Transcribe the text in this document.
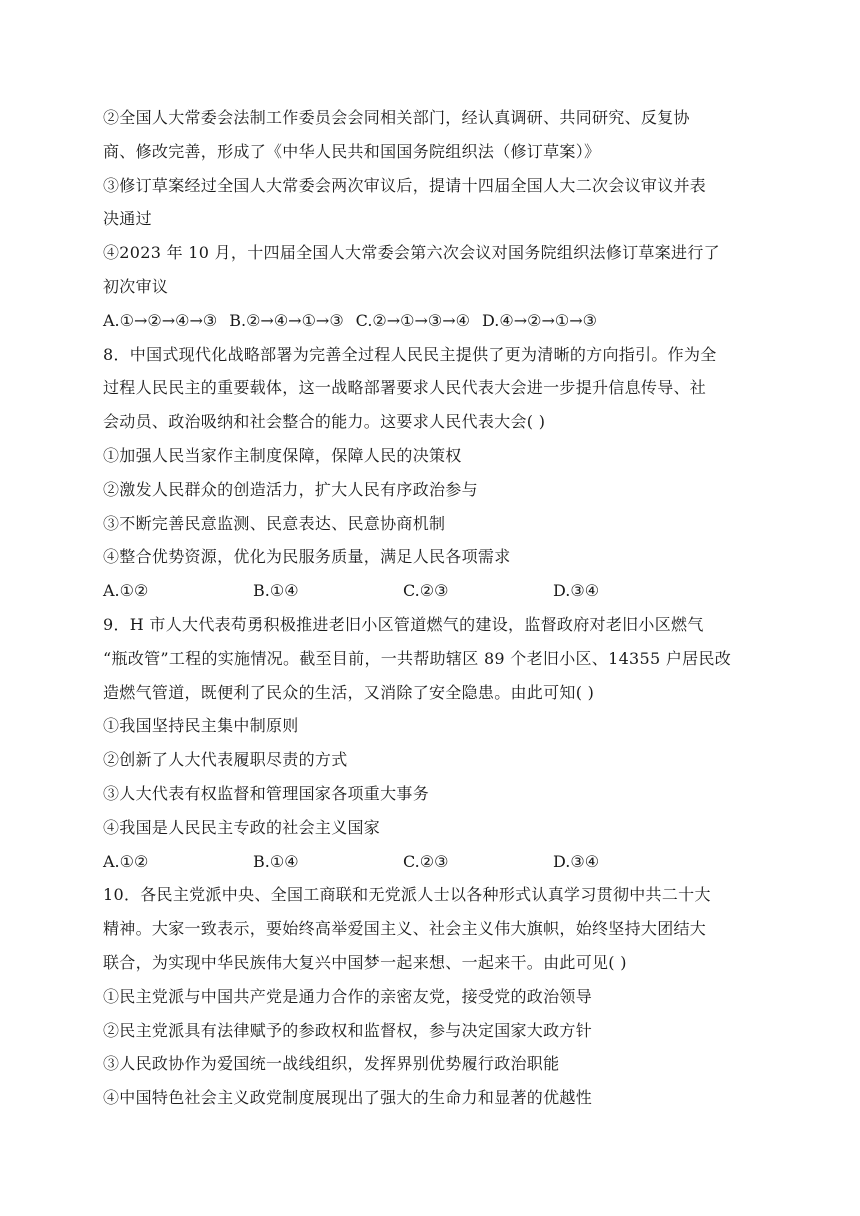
②全国人大常委会法制工作委员会会同相关部门，经认真调研、共同研究、反复协
商、修改完善，形成了《中华人民共和国国务院组织法（修订草案）》
③修订草案经过全国人大常委会两次审议后，提请十四届全国人大二次会议审议并表
决通过
④2023 年 10 月，十四届全国人大常委会第六次会议对国务院组织法修订草案进行了
初次审议
A.①→②→④→③ B.②→④→①→③ C.②→①→③→④ D.④→②→①→③
8．中国式现代化战略部署为完善全过程人民民主提供了更为清晰的方向指引。作为全
过程人民民主的重要载体，这一战略部署要求人民代表大会进一步提升信息传导、社
会动员、政治吸纳和社会整合的能力。这要求人民代表大会( )
①加强人民当家作主制度保障，保障人民的决策权
②激发人民群众的创造活力，扩大人民有序政治参与
③不断完善民意监测、民意表达、民意协商机制
④整合优势资源，优化为民服务质量，满足人民各项需求
A.①②	B.①④	C.②③	D.③④
9．H 市人大代表苟勇积极推进老旧小区管道燃气的建设，监督政府对老旧小区燃气
“瓶改管”工程的实施情况。截至目前，一共帮助辖区 89 个老旧小区、14355 户居民改
造燃气管道，既便利了民众的生活，又消除了安全隐患。由此可知( )
①我国坚持民主集中制原则
②创新了人大代表履职尽责的方式
③人大代表有权监督和管理国家各项重大事务
④我国是人民民主专政的社会主义国家
A.①②	B.①④	C.②③	D.③④
10．各民主党派中央、全国工商联和无党派人士以各种形式认真学习贯彻中共二十大
精神。大家一致表示，要始终高举爱国主义、社会主义伟大旗帜，始终坚持大团结大
联合，为实现中华民族伟大复兴中国梦一起来想、一起来干。由此可见( )
①民主党派与中国共产党是通力合作的亲密友党，接受党的政治领导
②民主党派具有法律赋予的参政权和监督权，参与决定国家大政方针
③人民政协作为爱国统一战线组织，发挥界别优势履行政治职能
④中国特色社会主义政党制度展现出了强大的生命力和显著的优越性
